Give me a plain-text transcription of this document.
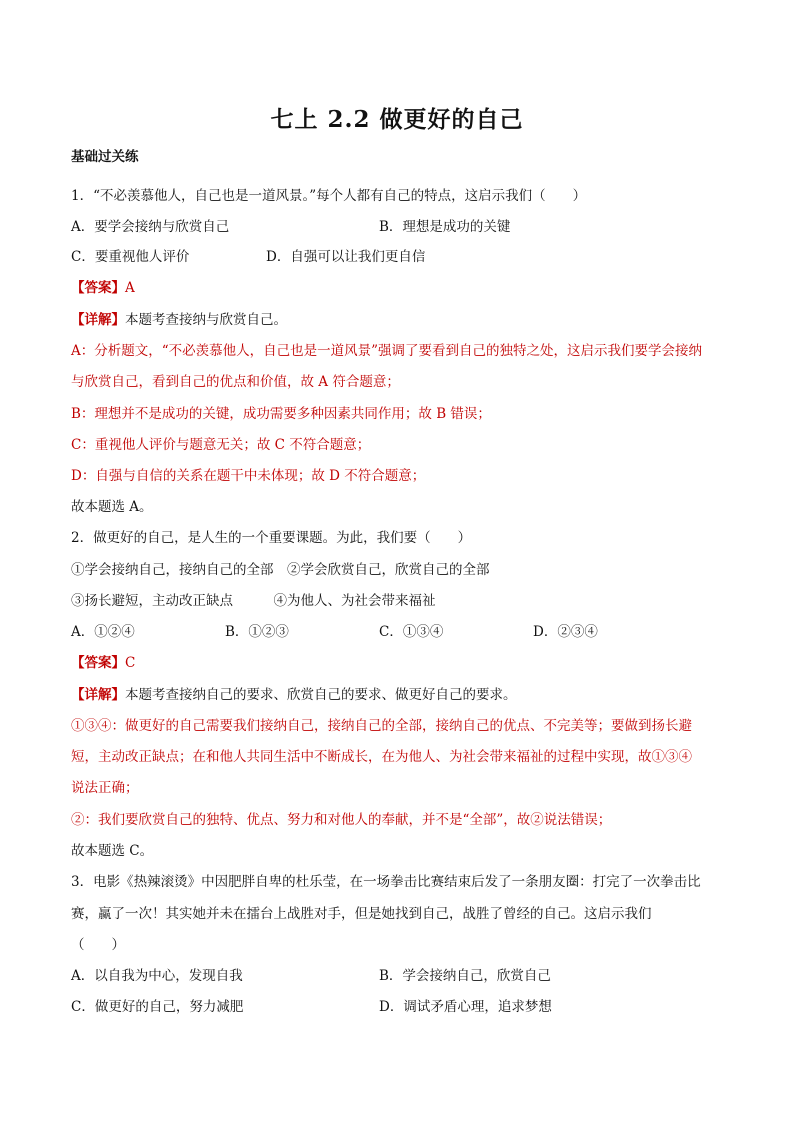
七上 2.2 做更好的自己
基础过关练
1．“不必羡慕他人，自己也是一道风景。”每个人都有自己的特点，这启示我们（　　）
A．要学会接纳与欣赏自己	B．理想是成功的关键
C．要重视他人评价	D．自强可以让我们更自信
【答案】A
【详解】本题考查接纳与欣赏自己。
A：分析题文，“不必羡慕他人，自己也是一道风景”强调了要看到自己的独特之处，这启示我们要学会接纳
与欣赏自己，看到自己的优点和价值，故 A 符合题意；
B：理想并不是成功的关键，成功需要多种因素共同作用；故 B 错误；
C：重视他人评价与题意无关；故 C 不符合题意；
D：自强与自信的关系在题干中未体现；故 D 不符合题意；
故本题选 A。
2．做更好的自己，是人生的一个重要课题。为此，我们要（　　）
①学会接纳自己，接纳自己的全部　②学会欣赏自己，欣赏自己的全部
③扬长避短，主动改正缺点　　　④为他人、为社会带来福祉
A．①②④	B．①②③	C．①③④	D．②③④
【答案】C
【详解】本题考查接纳自己的要求、欣赏自己的要求、做更好自己的要求。
①③④：做更好的自己需要我们接纳自己，接纳自己的全部，接纳自己的优点、不完美等；要做到扬长避
短，主动改正缺点；在和他人共同生活中不断成长，在为他人、为社会带来福祉的过程中实现，故①③④
说法正确；
②：我们要欣赏自己的独特、优点、努力和对他人的奉献，并不是“全部”，故②说法错误；
故本题选 C。
3．电影《热辣滚烫》中因肥胖自卑的杜乐莹，在一场拳击比赛结束后发了一条朋友圈：打完了一次拳击比
赛，赢了一次！其实她并未在擂台上战胜对手，但是她找到自己，战胜了曾经的自己。这启示我们
（　　）
A．以自我为中心，发现自我	B．学会接纳自己，欣赏自己
C．做更好的自己，努力减肥	D．调试矛盾心理，追求梦想
